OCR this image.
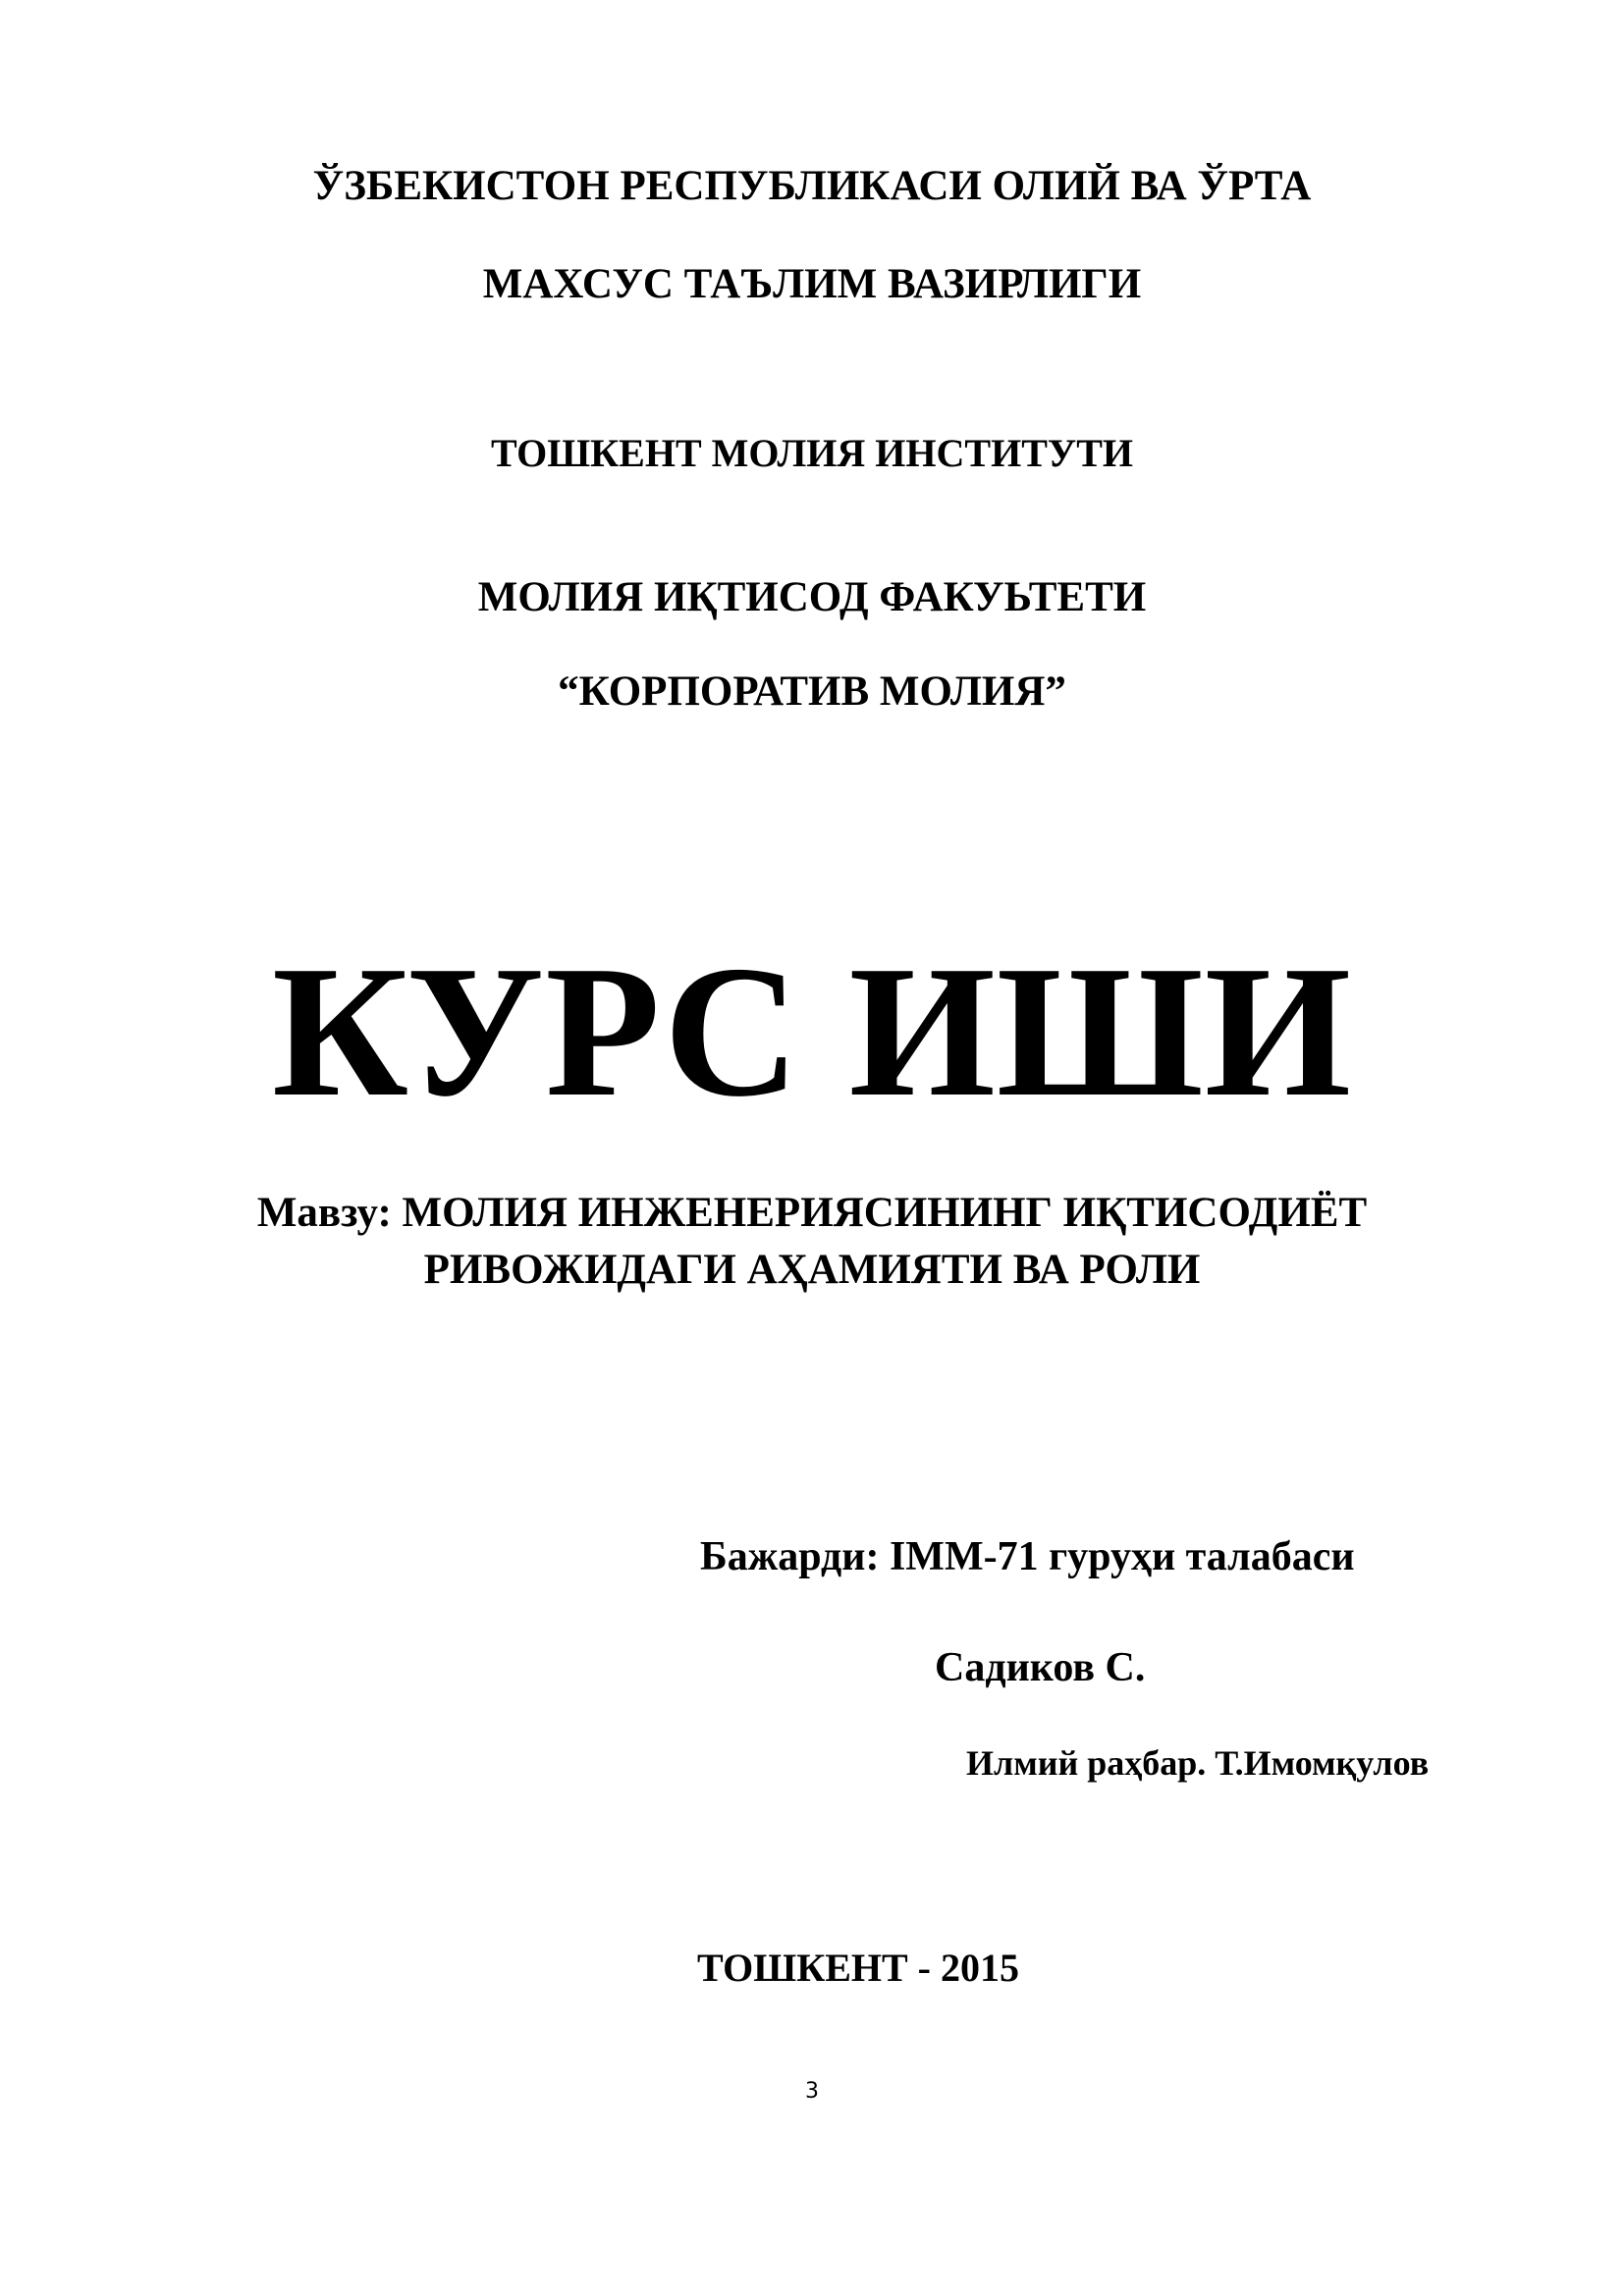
ЎЗБЕКИСТОН РЕСПУБЛИКАСИ ОЛИЙ ВА ЎРТА
МАХСУС ТАЪЛИМ ВАЗИРЛИГИ
ТОШКЕНТ МОЛИЯ ИНСТИТУТИ
МОЛИЯ ИҚТИСОД ФАКУЬТЕТИ
“КОРПОРАТИВ МОЛИЯ”
КУРС ИШИ
Мавзу: МОЛИЯ ИНЖЕНЕРИЯСИНИНГ ИҚТИСОДИЁТ
РИВОЖИДАГИ АҲАМИЯТИ ВА РОЛИ
Бажарди: IMM-71 гуруҳи талабаси
Садиков С.
Илмий раҳбар. Т.Имомқулов
ТОШКЕНТ - 2015
3
